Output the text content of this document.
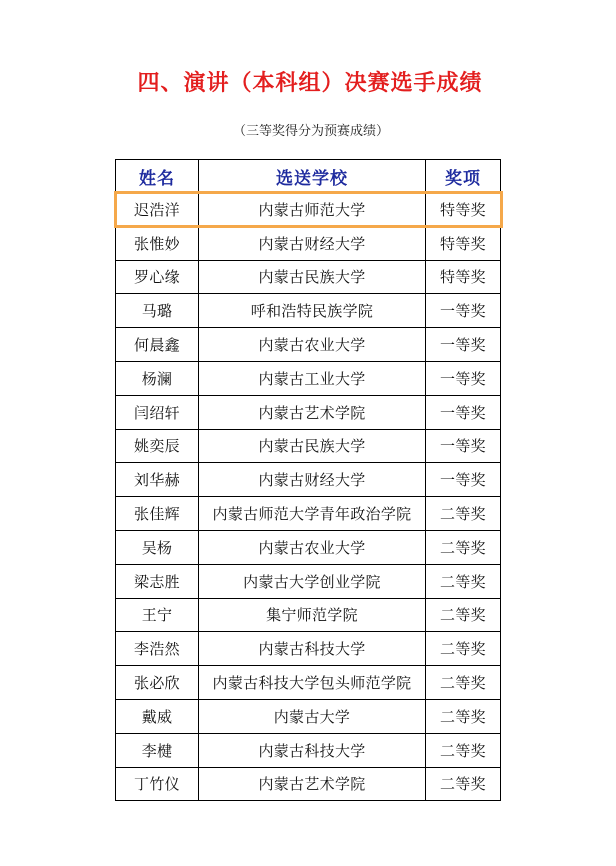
四、演讲（本科组）决赛选手成绩
（三等奖得分为预赛成绩）
姓名	选送学校	奖项
迟浩洋	内蒙古师范大学	特等奖
张惟妙	内蒙古财经大学	特等奖
罗心缘	内蒙古民族大学	特等奖
马璐	呼和浩特民族学院	一等奖
何晨鑫	内蒙古农业大学	一等奖
杨澜	内蒙古工业大学	一等奖
闫绍轩	内蒙古艺术学院	一等奖
姚奕辰	内蒙古民族大学	一等奖
刘华赫	内蒙古财经大学	一等奖
张佳辉	内蒙古师范大学青年政治学院	二等奖
吴杨	内蒙古农业大学	二等奖
梁志胜	内蒙古大学创业学院	二等奖
王宁	集宁师范学院	二等奖
李浩然	内蒙古科技大学	二等奖
张必欣	内蒙古科技大学包头师范学院	二等奖
戴威	内蒙古大学	二等奖
李楗	内蒙古科技大学	二等奖
丁竹仪	内蒙古艺术学院	二等奖
